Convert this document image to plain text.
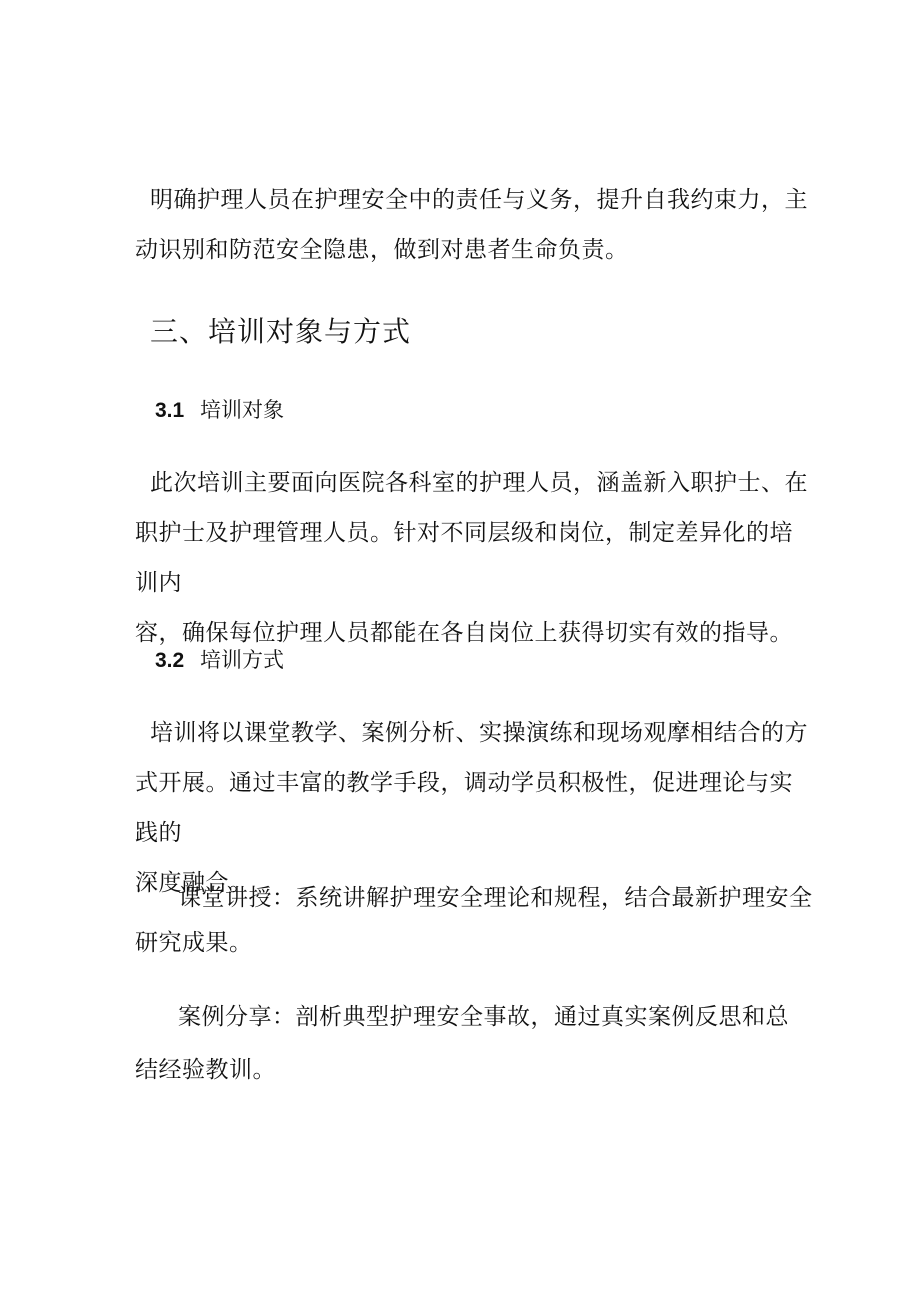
明确护理人员在护理安全中的责任与义务，提升自我约束力，主
动识别和防范安全隐患，做到对患者生命负责。

三、培训对象与方式
3.1 培训对象

此次培训主要面向医院各科室的护理人员，涵盖新入职护士、在
职护士及护理管理人员。针对不同层级和岗位，制定差异化的培训内
容，确保每位护理人员都能在各自岗位上获得切实有效的指导。

3.2 培训方式

培训将以课堂教学、案例分析、实操演练和现场观摩相结合的方
式开展。通过丰富的教学手段，调动学员积极性，促进理论与实践的
深度融合。

课堂讲授：系统讲解护理安全理论和规程，结合最新护理安全
研究成果。
案例分享：剖析典型护理安全事故，通过真实案例反思和总
结经验教训。
